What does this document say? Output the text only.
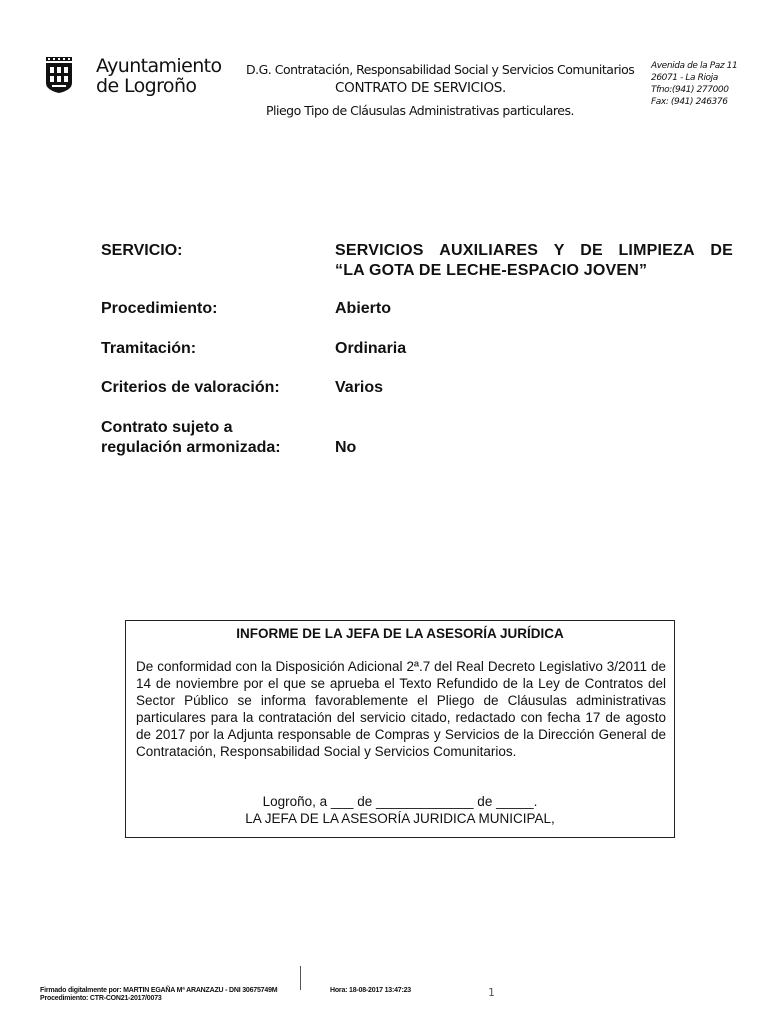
Ayuntamiento
de Logroño
D.G. Contratación, Responsabilidad Social y Servicios Comunitarios
CONTRATO DE SERVICIOS.
Pliego Tipo de Cláusulas Administrativas particulares.
Avenida de la Paz 11
26071 - La Rioja
Tfno:(941) 277000
Fax: (941) 246376
SERVICIO:	SERVICIOS AUXILIARES Y DE LIMPIEZA DE
“LA GOTA DE LECHE-ESPACIO JOVEN”
Procedimiento:	Abierto
Tramitación:	Ordinaria
Criterios de valoración:	Varios
Contrato sujeto a
regulación armonizada:	No
INFORME DE LA JEFA DE LA ASESORÍA JURÍDICA
De conformidad con la Disposición Adicional 2ª.7 del Real Decreto Legislativo 3/2011 de 14 de noviembre por el que se aprueba el Texto Refundido de la Ley de Contratos del Sector Público se informa favorablemente el Pliego de Cláusulas administrativas particulares para la contratación del servicio citado, redactado con fecha 17 de agosto de 2017 por la Adjunta responsable de Compras y Servicios de la Dirección General de Contratación, Responsabilidad Social y Servicios Comunitarios.
Logroño, a ___ de _____________ de _____.
LA JEFA DE LA ASESORÍA JURIDICA MUNICIPAL,
Firmado digitalmente por: MARTIN EGAÑA Mª ARANZAZU - DNI 30675749M
Procedimiento: CTR-CON21-2017/0073
Hora: 18-08-2017 13:47:23	1
